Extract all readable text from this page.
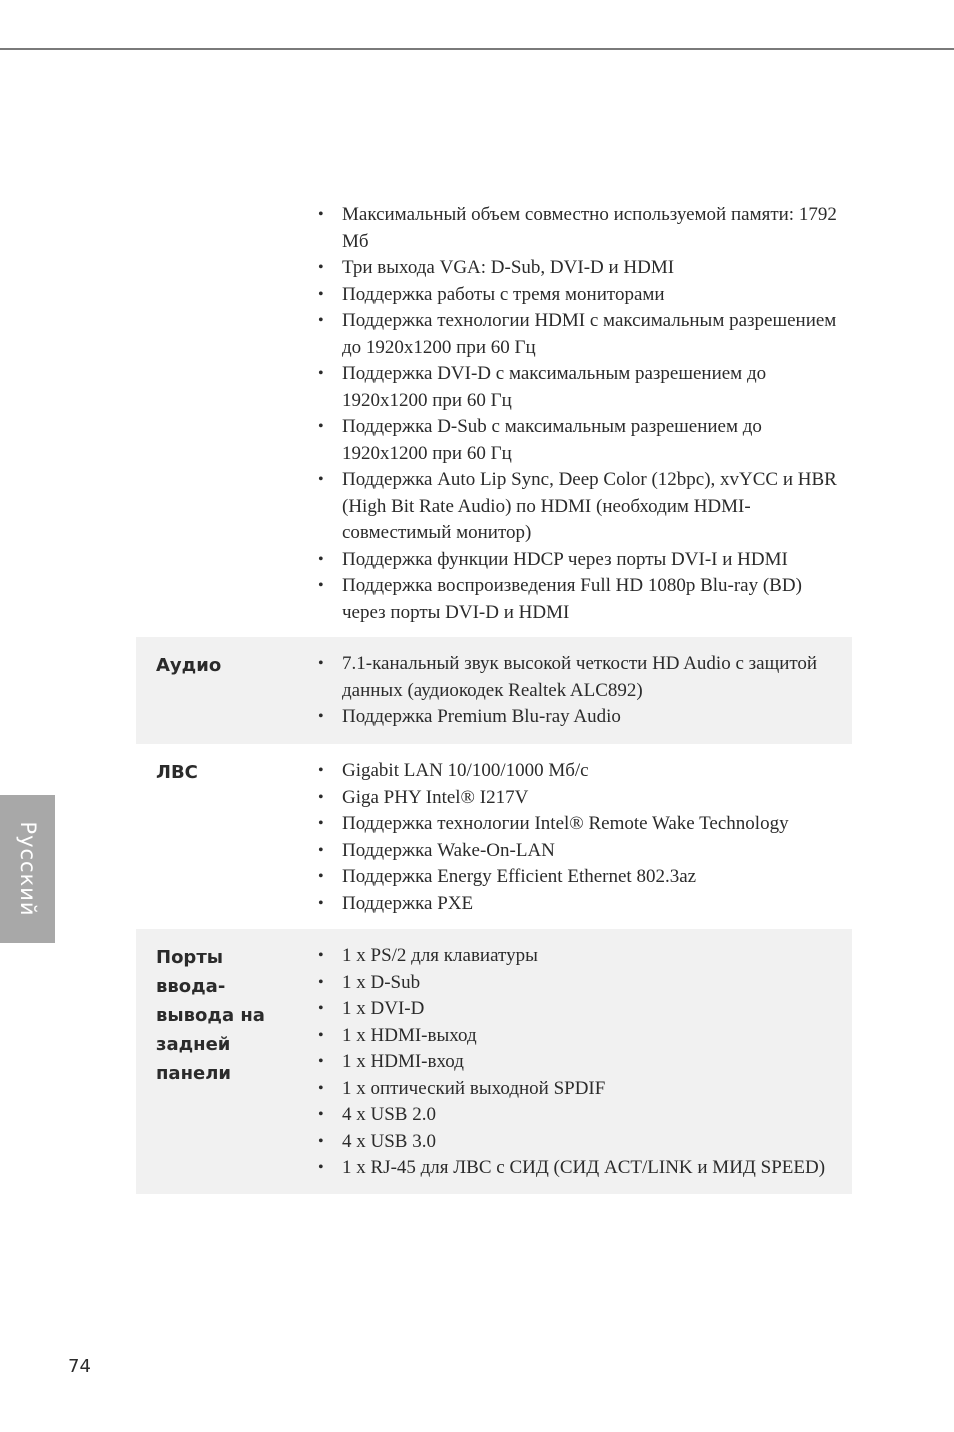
• Максимальный объем совместно используемой памяти: 1792 Мб
• Три выхода VGA: D-Sub, DVI-D и HDMI
• Поддержка работы с тремя мониторами
• Поддержка технологии HDMI с максимальным разрешением до 1920x1200 при 60 Гц
• Поддержка DVI-D с максимальным разрешением до 1920x1200 при 60 Гц
• Поддержка D-Sub с максимальным разрешением до 1920x1200 при 60 Гц
• Поддержка Auto Lip Sync, Deep Color (12bpc), xvYCC и HBR (High Bit Rate Audio) по HDMI (необходим HDMI-совместимый монитор)
• Поддержка функции HDCP через порты DVI-I и HDMI
• Поддержка воспроизведения Full HD 1080p Blu-ray (BD) через порты DVI-D и HDMI
Аудио	• 7.1-канальный звук высокой четкости HD Audio с защитой данных (аудиокодек Realtek ALC892)
• Поддержка Premium Blu-ray Audio
ЛВС	• Gigabit LAN 10/100/1000 Мб/с
• Giga PHY Intel® I217V
• Поддержка технологии Intel® Remote Wake Technology
• Поддержка Wake-On-LAN
• Поддержка Energy Efficient Ethernet 802.3az
• Поддержка PXE
Порты ввода-вывода на задней панели
• 1 x PS/2 для клавиатуры
• 1 x D-Sub
• 1 x DVI-D
• 1 x HDMI-выход
• 1 x HDMI-вход
• 1 x оптический выходной SPDIF
• 4 x USB 2.0
• 4 x USB 3.0
• 1 x RJ-45 для ЛВС с СИД (СИД ACT/LINK и МИД SPEED)
Русский
74
